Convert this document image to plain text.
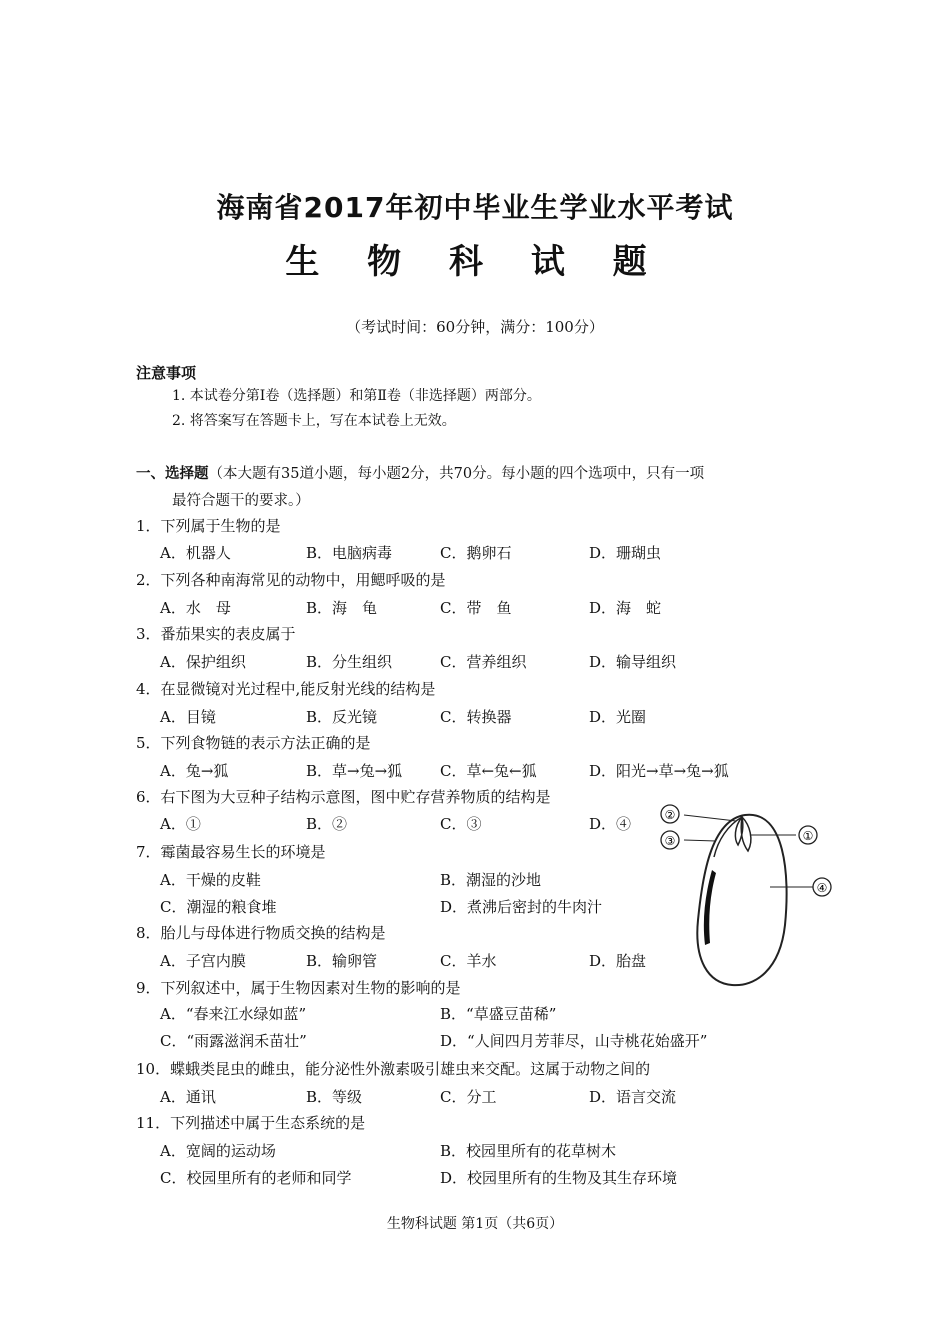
海南省2017年初中毕业生学业水平考试
生 物 科 试 题
（考试时间：60分钟，满分：100分）
注意事项
1. 本试卷分第Ⅰ卷（选择题）和第Ⅱ卷（非选择题）两部分。
2. 将答案写在答题卡上，写在本试卷上无效。
一、选择题（本大题有35道小题，每小题2分，共70分。每小题的四个选项中，只有一项
最符合题干的要求。）
1．下列属于生物的是
A．机器人	B．电脑病毒	C．鹅卵石	D．珊瑚虫
2．下列各种南海常见的动物中，用鳃呼吸的是
A．水　母	B．海　龟	C．带　鱼	D．海　蛇
3．番茄果实的表皮属于
A．保护组织	B．分生组织	C．营养组织	D．输导组织
4．在显微镜对光过程中,能反射光线的结构是
A．目镜	B．反光镜	C．转换器	D．光圈
5．下列食物链的表示方法正确的是
A．兔→狐	B．草→兔→狐	C．草←兔←狐	D．阳光→草→兔→狐
6．右下图为大豆种子结构示意图，图中贮存营养物质的结构是
A．①	B．②	C．③	D．④
7．霉菌最容易生长的环境是
A．干燥的皮鞋	B．潮湿的沙地
C．潮湿的粮食堆	D．煮沸后密封的牛肉汁
8．胎儿与母体进行物质交换的结构是
A．子宫内膜	B．输卵管	C．羊水	D．胎盘
9．下列叙述中，属于生物因素对生物的影响的是
A．“春来江水绿如蓝”	B．“草盛豆苗稀”
C．“雨露滋润禾苗壮”	D．“人间四月芳菲尽，山寺桃花始盛开”
10．蝶蛾类昆虫的雌虫，能分泌性外激素吸引雄虫来交配。这属于动物之间的
A．通讯	B．等级	C．分工	D．语言交流
11．下列描述中属于生态系统的是
A．宽阔的运动场	B．校园里所有的花草树木
C．校园里所有的老师和同学	D．校园里所有的生物及其生存环境
②
③	①
④
生物科试题 第1页（共6页）
